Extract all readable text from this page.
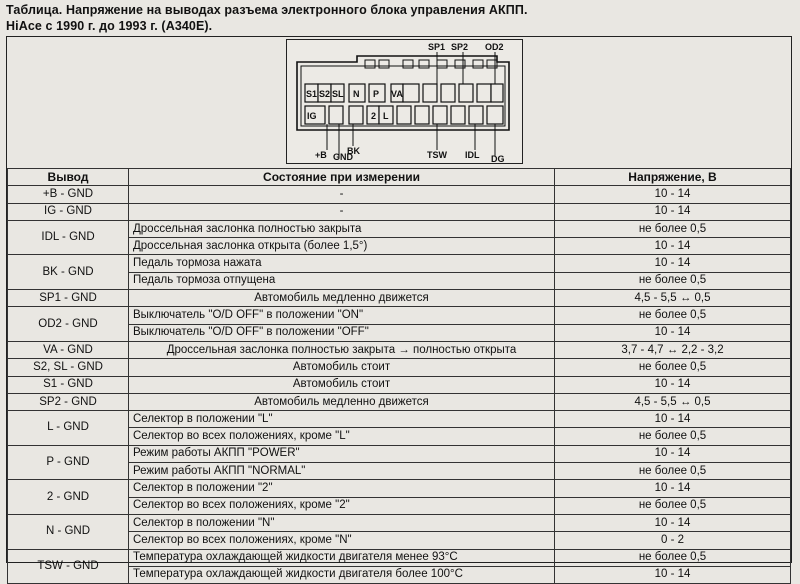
Таблица. Напряжение на выводах разъема электронного блока управления АКПП.
HiAce с 1990 г. до 1993 г. (A340E).
SP1 SP2 OD2
S1 S2 SL N P VA
IG	2 L
+B GND
BK	TSW IDL DG
Вывод	Состояние при измерении	Напряжение, В
+B - GND	-	10 - 14
IG - GND	-	10 - 14
IDL - GND	Дроссельная заслонка полностью закрыта	не более 0,5
	Дроссельная заслонка открыта (более 1,5°)	10 - 14
BK - GND	Педаль тормоза нажата	10 - 14
	Педаль тормоза отпущена	не более 0,5
SP1 - GND	Автомобиль медленно движется	4,5 - 5,5 ↔ 0,5
OD2 - GND	Выключатель "O/D OFF" в положении "ON"	не более 0,5
	Выключатель "O/D OFF" в положении "OFF"	10 - 14
VA - GND	Дроссельная заслонка полностью закрыта → полностью открыта	3,7 - 4,7 ↔ 2,2 - 3,2
S2, SL - GND	Автомобиль стоит	не более 0,5
S1 - GND	Автомобиль стоит	10 - 14
SP2 - GND	Автомобиль медленно движется	4,5 - 5,5 ↔ 0,5
L - GND	Селектор в положении "L"	10 - 14
	Селектор во всех положениях, кроме "L"	не более 0,5
P - GND	Режим работы АКПП "POWER"	10 - 14
	Режим работы АКПП "NORMAL"	не более 0,5
2 - GND	Селектор в положении "2"	10 - 14
	Селектор во всех положениях, кроме "2"	не более 0,5
N - GND	Селектор в положении "N"	10 - 14
	Селектор во всех положениях, кроме "N"	0 - 2
TSW - GND	Температура охлаждающей жидкости двигателя менее 93°C	не более 0,5
	Температура охлаждающей жидкости двигателя более 100°C	10 - 14
